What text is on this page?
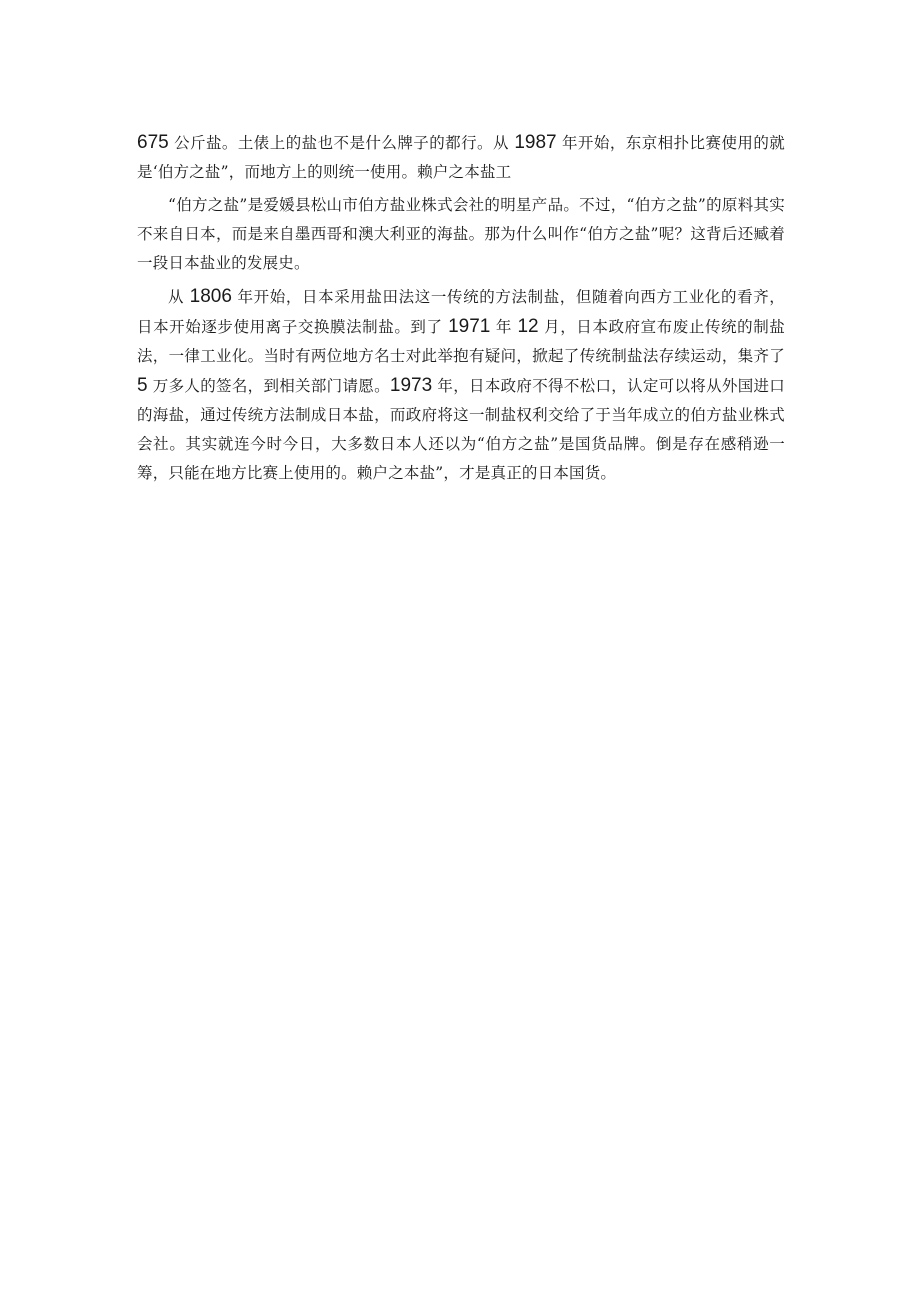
675 公斤盐。土俵上的盐也不是什么牌子的都行。从 1987 年开始，东京相扑比赛使用的就是‘伯方之盐”，而地方上的则统一使用。赖户之本盐工

“伯方之盐”是爱媛县松山市伯方盐业株式会社的明星产品。不过，“伯方之盐”的原料其实不来自日本，而是来自墨西哥和澳大利亚的海盐。那为什么叫作“伯方之盐”呢？这背后还臧着一段日本盐业的发展史。

从 1806 年开始，日本采用盐田法这一传统的方法制盐，但随着向西方工业化的看齐，日本开始逐步使用离子交换膜法制盐。到了 1971 年 12 月，日本政府宣布废止传统的制盐法，一律工业化。当时有两位地方名士对此举抱有疑问，掀起了传统制盐法存续运动，集齐了 5 万多人的签名，到相关部门请愿。1973 年，日本政府不得不松口，认定可以将从外国进口的海盐，通过传统方法制成日本盐，而政府将这一制盐权利交给了于当年成立的伯方盐业株式会社。其实就连今时今日，大多数日本人还以为“伯方之盐”是国货品牌。倒是存在感稍逊一筹，只能在地方比赛上使用的。赖户之本盐”，才是真正的日本国货。
